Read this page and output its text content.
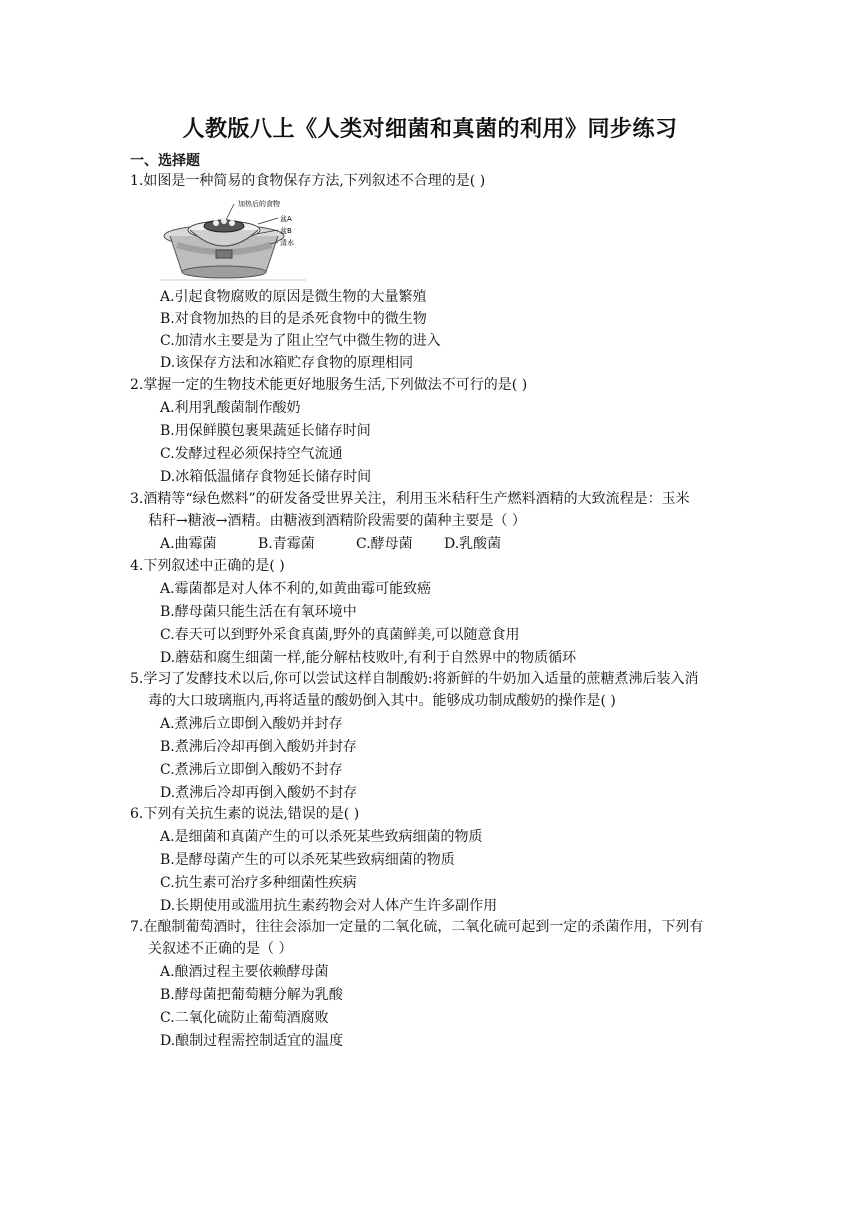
人教版八上《人类对细菌和真菌的利用》同步练习
一、选择题
1.如图是一种简易的食物保存方法,下列叙述不合理的是( )
加热后的食物
盆A
盆B
清水
A.引起食物腐败的原因是微生物的大量繁殖
B.对食物加热的目的是杀死食物中的微生物
C.加清水主要是为了阻止空气中微生物的进入
D.该保存方法和冰箱贮存食物的原理相同
2.掌握一定的生物技术能更好地服务生活,下列做法不可行的是( )
A.利用乳酸菌制作酸奶
B.用保鲜膜包裹果蔬延长储存时间
C.发酵过程必须保持空气流通
D.冰箱低温储存食物延长储存时间
3.酒精等“绿色燃料”的研发备受世界关注，利用玉米秸秆生产燃料酒精的大致流程是：玉米
秸秆→糖液→酒精。由糖液到酒精阶段需要的菌种主要是（ ）
A.曲霉菌	B.青霉菌	C.酵母菌 D.乳酸菌
4.下列叙述中正确的是( )
A.霉菌都是对人体不利的,如黄曲霉可能致癌
B.酵母菌只能生活在有氧环境中
C.春天可以到野外采食真菌,野外的真菌鲜美,可以随意食用
D.蘑菇和腐生细菌一样,能分解枯枝败叶,有利于自然界中的物质循环
5.学习了发酵技术以后,你可以尝试这样自制酸奶:将新鲜的牛奶加入适量的蔗糖煮沸后装入消
毒的大口玻璃瓶内,再将适量的酸奶倒入其中。能够成功制成酸奶的操作是( )
A.煮沸后立即倒入酸奶并封存
B.煮沸后冷却再倒入酸奶并封存
C.煮沸后立即倒入酸奶不封存
D.煮沸后冷却再倒入酸奶不封存
6.下列有关抗生素的说法,错误的是( )
A.是细菌和真菌产生的可以杀死某些致病细菌的物质
B.是酵母菌产生的可以杀死某些致病细菌的物质
C.抗生素可治疗多种细菌性疾病
D.长期使用或滥用抗生素药物会对人体产生许多副作用
7.在酿制葡萄酒时，往往会添加一定量的二氧化硫，二氧化硫可起到一定的杀菌作用，下列有
关叙述不正确的是（ ）
A.酿酒过程主要依赖酵母菌
B.酵母菌把葡萄糖分解为乳酸
C.二氧化硫防止葡萄酒腐败
D.酿制过程需控制适宜的温度
